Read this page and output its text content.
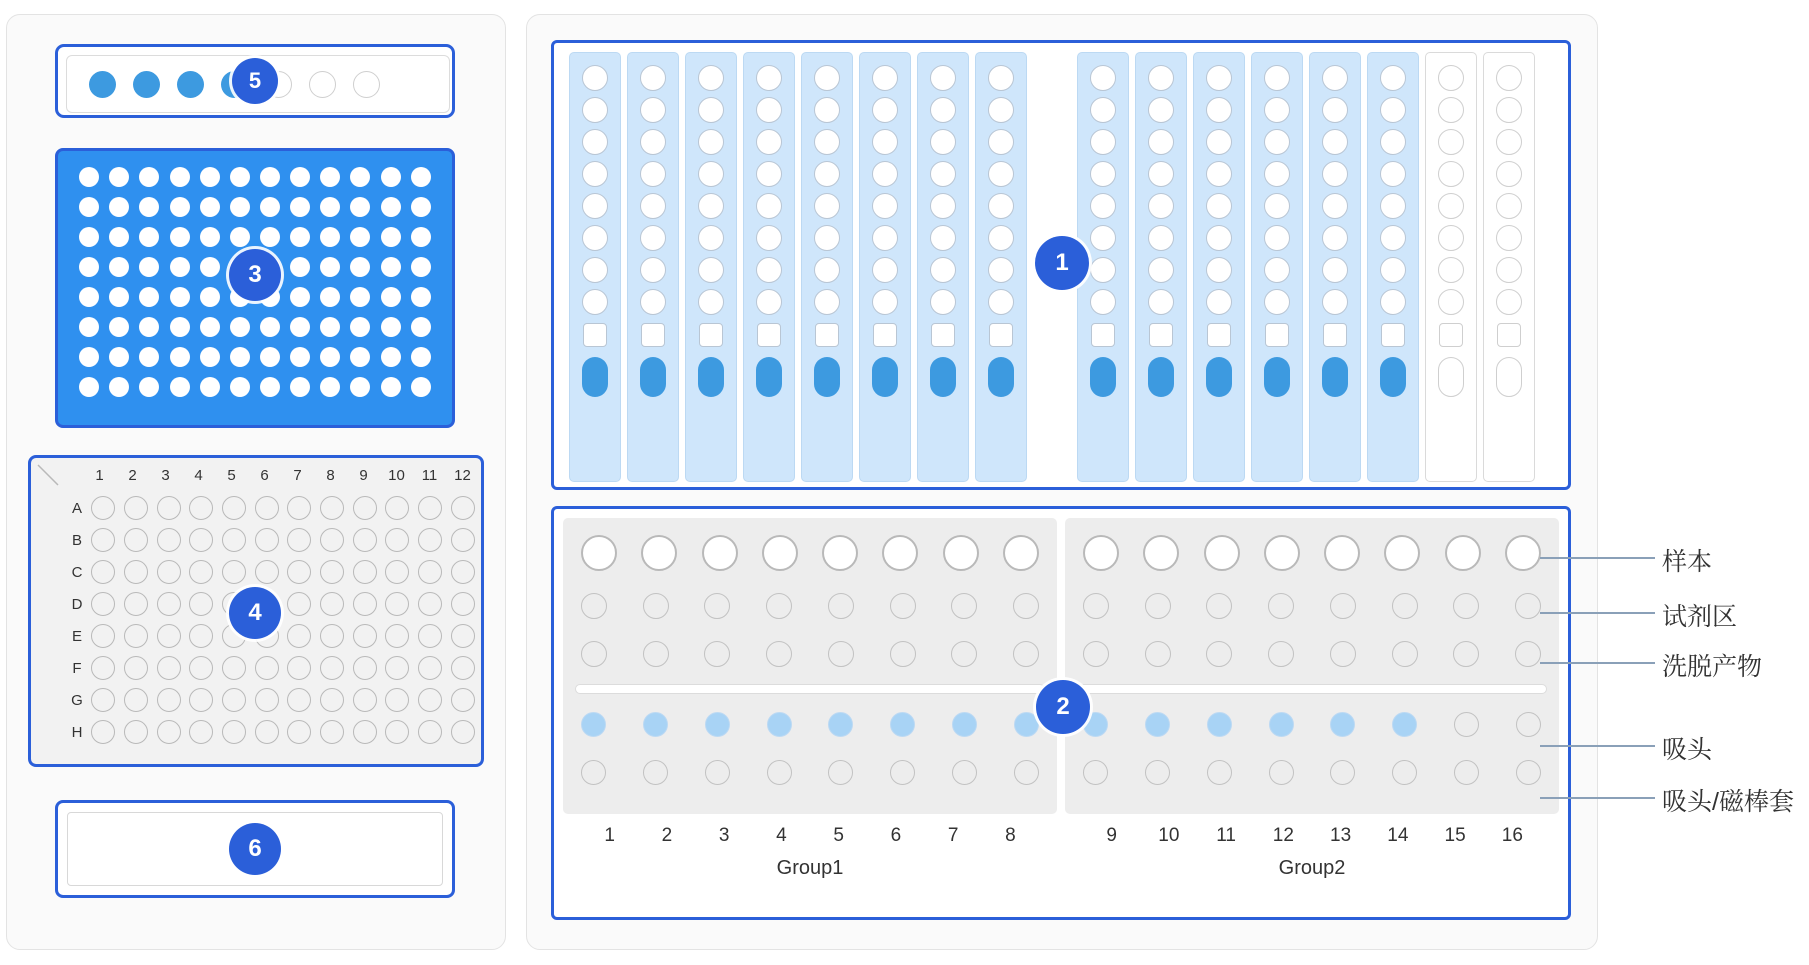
5
3
1	2	3	4	5	6	7	8	9	10	11	12
A
B
C
D
E
F
G
H
4
6
1
1	2	3	4	5	6	7	8	9	10	11	12	13	14	15	16
Group1	Group2
2
样本
试剂区
洗脱产物
吸头
吸头/磁棒套
